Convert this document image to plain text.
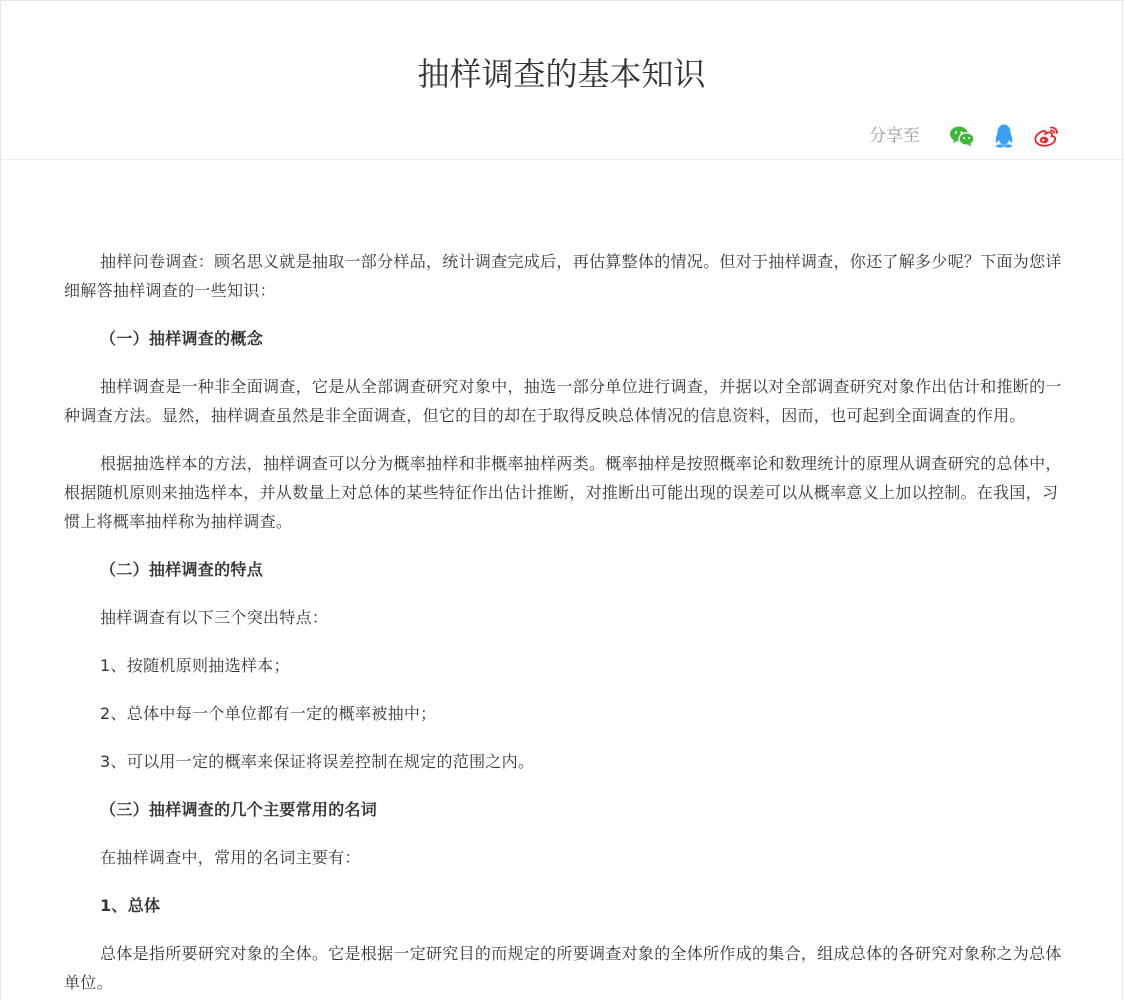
抽样调查的基本知识
分享至

抽样问卷调查：顾名思义就是抽取一部分样品，统计调查完成后，再估算整体的情况。但对于抽样调查，你还了解多少呢？下面为您详细解答抽样调查的一些知识：

（一）抽样调查的概念

抽样调查是一种非全面调查，它是从全部调查研究对象中，抽选一部分单位进行调查，并据以对全部调查研究对象作出估计和推断的一种调查方法。显然，抽样调查虽然是非全面调查，但它的目的却在于取得反映总体情况的信息资料，因而，也可起到全面调查的作用。

根据抽选样本的方法，抽样调查可以分为概率抽样和非概率抽样两类。概率抽样是按照概率论和数理统计的原理从调查研究的总体中，根据随机原则来抽选样本，并从数量上对总体的某些特征作出估计推断，对推断出可能出现的误差可以从概率意义上加以控制。在我国，习惯上将概率抽样称为抽样调查。

（二）抽样调查的特点

抽样调查有以下三个突出特点：

1、按随机原则抽选样本；

2、总体中每一个单位都有一定的概率被抽中；

3、可以用一定的概率来保证将误差控制在规定的范围之内。

（三）抽样调查的几个主要常用的名词

在抽样调查中，常用的名词主要有：

1、总体

总体是指所要研究对象的全体。它是根据一定研究目的而规定的所要调查对象的全体所作成的集合，组成总体的各研究对象称之为总体单位。
